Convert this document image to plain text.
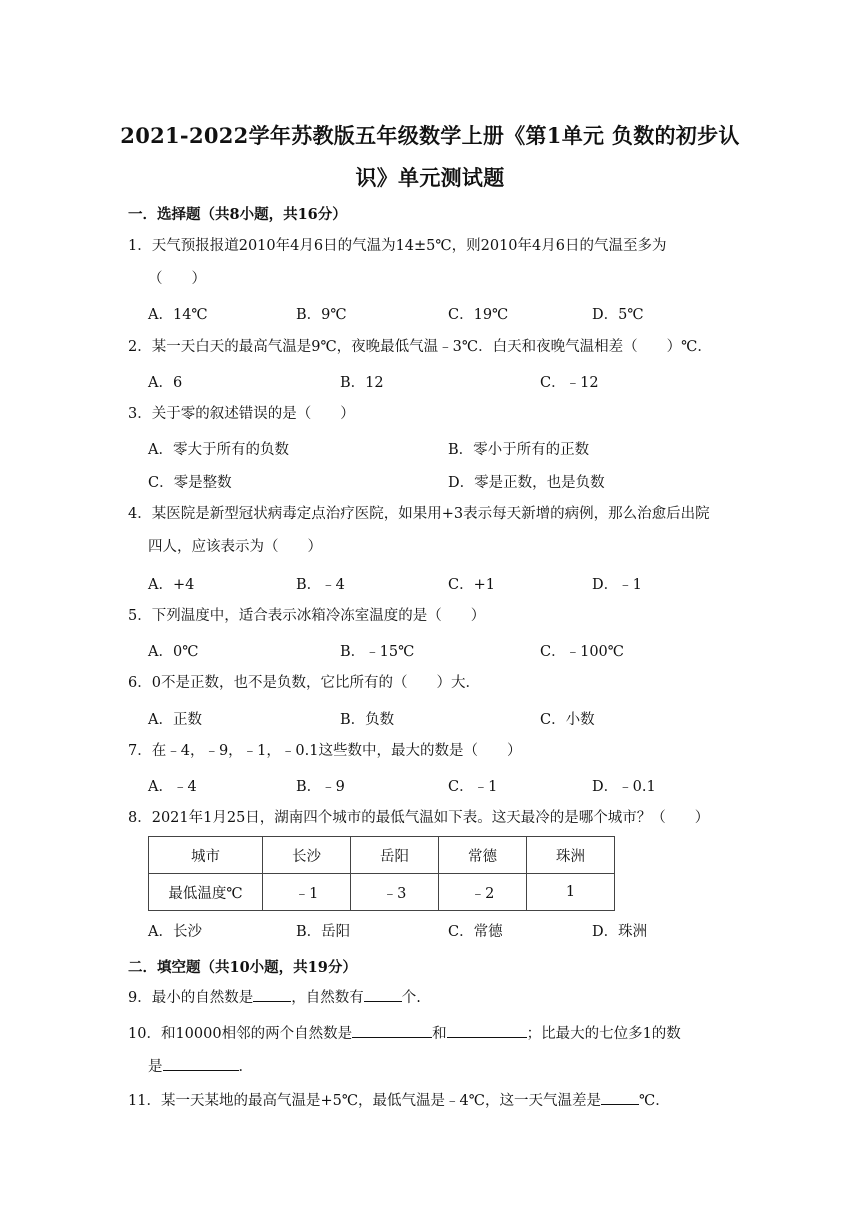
2021-2022学年苏教版五年级数学上册《第1单元 负数的初步认
识》单元测试题
一．选择题（共8小题，共16分）
1．天气预报报道2010年4月6日的气温为14±5℃，则2010年4月6日的气温至多为
（　　）
A．14℃	B．9℃	C．19℃	D．5℃
2．某一天白天的最高气温是9℃，夜晚最低气温﹣3℃．白天和夜晚气温相差（　　）℃．
A．6	B．12	C．﹣12
3．关于零的叙述错误的是（　　）
A．零大于所有的负数	B．零小于所有的正数
C．零是整数	D．零是正数，也是负数
4．某医院是新型冠状病毒定点治疗医院，如果用+3表示每天新增的病例，那么治愈后出院
四人，应该表示为（　　）
A．+4	B．﹣4	C．+1	D．﹣1
5．下列温度中，适合表示冰箱冷冻室温度的是（　　）
A．0℃	B．﹣15℃	C．﹣100℃
6．0不是正数，也不是负数，它比所有的（　　）大．
A．正数	B．负数	C．小数
7．在﹣4，﹣9，﹣1，﹣0.1这些数中，最大的数是（　　）
A．﹣4	B．﹣9	C．﹣1	D．﹣0.1
8．2021年1月25日，湖南四个城市的最低气温如下表。这天最冷的是哪个城市？（　　）
城市	长沙	岳阳	常德	珠洲
最低温度℃	﹣1	﹣3	﹣2	1
A．长沙	B．岳阳	C．常德	D．珠洲
二．填空题（共10小题，共19分）
9．最小的自然数是	，自然数有	个.
10．和10000相邻的两个自然数是	和	；比最大的七位多1的数
是	．
11．某一天某地的最高气温是+5℃，最低气温是﹣4℃，这一天气温差是	℃．
